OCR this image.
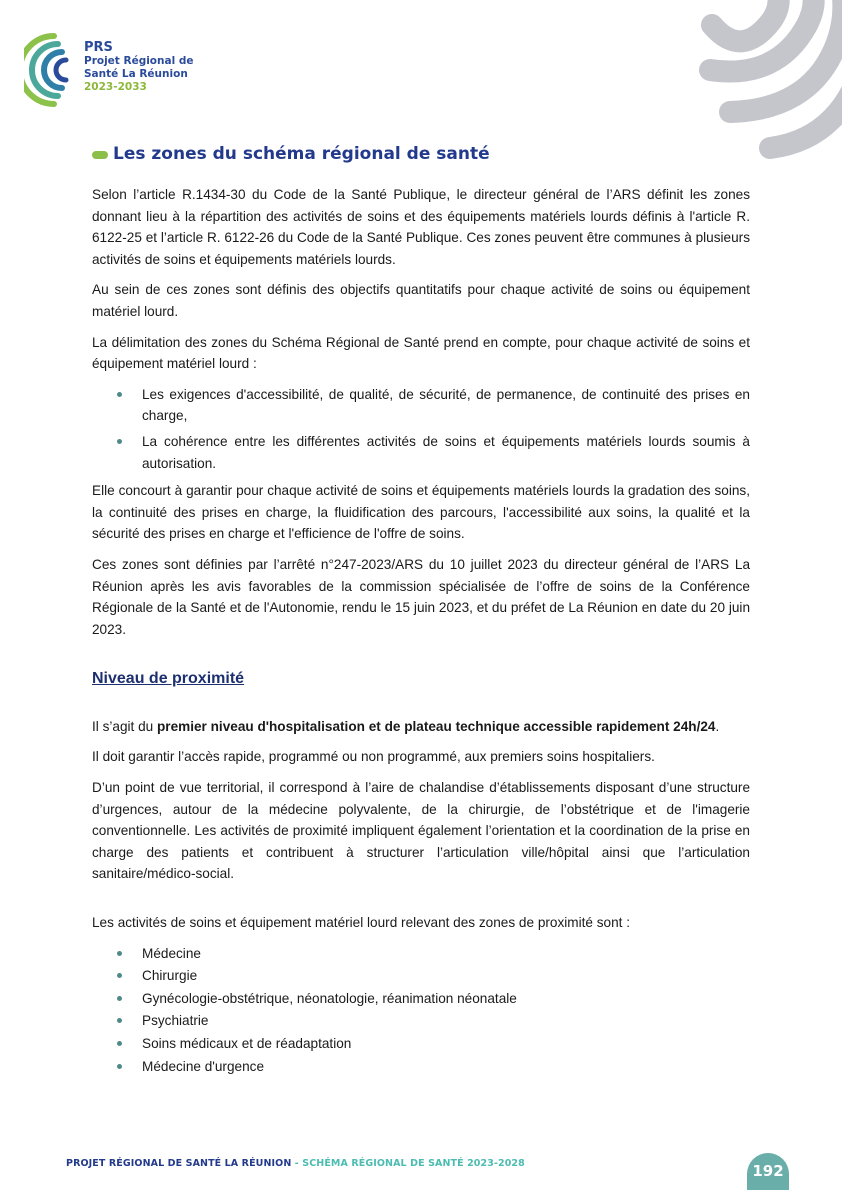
PRS
Projet Régional de
Santé La Réunion
2023-2033
Les zones du schéma régional de santé

Selon l’article R.1434-30 du Code de la Santé Publique, le directeur général de l’ARS définit les zones donnant lieu à la répartition des activités de soins et des équipements matériels lourds définis à l'article R. 6122-25 et l’article R. 6122-26 du Code de la Santé Publique. Ces zones peuvent être communes à plusieurs activités de soins et équipements matériels lourds.

Au sein de ces zones sont définis des objectifs quantitatifs pour chaque activité de soins ou équipement matériel lourd.

La délimitation des zones du Schéma Régional de Santé prend en compte, pour chaque activité de soins et équipement matériel lourd :

Les exigences d'accessibilité, de qualité, de sécurité, de permanence, de continuité des prises en charge,
La cohérence entre les différentes activités de soins et équipements matériels lourds soumis à autorisation.

Elle concourt à garantir pour chaque activité de soins et équipements matériels lourds la gradation des soins, la continuité des prises en charge, la fluidification des parcours, l'accessibilité aux soins, la qualité et la sécurité des prises en charge et l'efficience de l'offre de soins.

Ces zones sont définies par l’arrêté n°247-2023/ARS du 10 juillet 2023 du directeur général de l’ARS La Réunion après les avis favorables de la commission spécialisée de l’offre de soins de la Conférence Régionale de la Santé et de l'Autonomie, rendu le 15 juin 2023, et du préfet de La Réunion en date du 20 juin 2023.

Niveau de proximité

Il s’agit du premier niveau d'hospitalisation et de plateau technique accessible rapidement 24h/24.

Il doit garantir l’accès rapide, programmé ou non programmé, aux premiers soins hospitaliers.

D’un point de vue territorial, il correspond à l’aire de chalandise d’établissements disposant d’une structure d’urgences, autour de la médecine polyvalente, de la chirurgie, de l’obstétrique et de l'imagerie conventionnelle. Les activités de proximité impliquent également l’orientation et la coordination de la prise en charge des patients et contribuent à structurer l’articulation ville/hôpital ainsi que l’articulation sanitaire/médico-social.

Les activités de soins et équipement matériel lourd relevant des zones de proximité sont :

Médecine
Chirurgie
Gynécologie-obstétrique, néonatologie, réanimation néonatale
Psychiatrie
Soins médicaux et de réadaptation
Médecine d'urgence
PROJET RÉGIONAL DE SANTÉ LA RÉUNION - SCHÉMA RÉGIONAL DE SANTÉ 2023-2028	192
